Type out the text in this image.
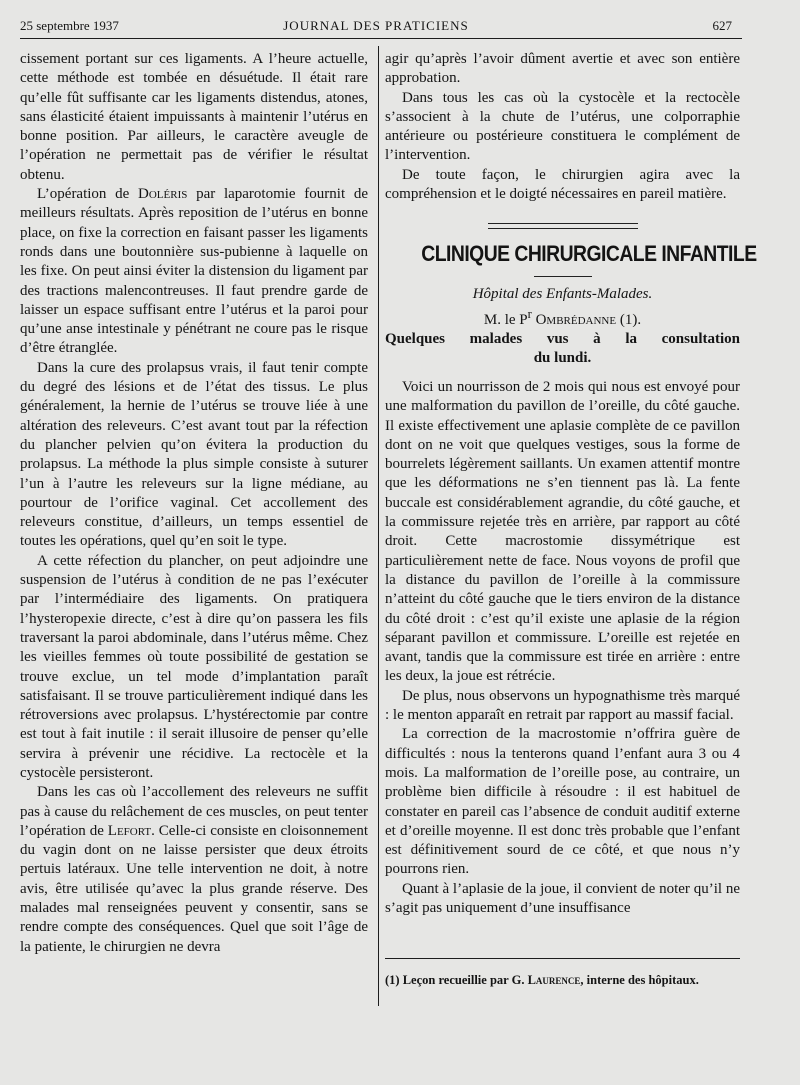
25 septembre 1937	JOURNAL DES PRATICIENS	627

cissement portant sur ces ligaments. A l’heure actuelle, cette méthode est tombée en désuétude. Il était rare qu’elle fût suffisante car les ligaments distendus, atones, sans élasticité étaient impuissants à maintenir l’utérus en bonne position. Par ailleurs, le caractère aveugle de l’opération ne permettait pas de vérifier le résultat obtenu.

L’opération de Doléris par laparotomie fournit de meilleurs résultats. Après reposition de l’utérus en bonne place, on fixe la correction en faisant passer les ligaments ronds dans une boutonnière sus-pubienne à laquelle on les fixe. On peut ainsi éviter la distension du ligament par des tractions malencontreuses. Il faut prendre garde de laisser un espace suffisant entre l’utérus et la paroi pour qu’une anse intestinale y pénétrant ne coure pas le risque d’être étranglée.

Dans la cure des prolapsus vrais, il faut tenir compte du degré des lésions et de l’état des tissus. Le plus généralement, la hernie de l’utérus se trouve liée à une altération des releveurs. C’est avant tout par la réfection du plancher pelvien qu’on évitera la production du prolapsus. La méthode la plus simple consiste à suturer l’un à l’autre les releveurs sur la ligne médiane, au pourtour de l’orifice vaginal. Cet accollement des releveurs constitue, d’ailleurs, un temps essentiel de toutes les opérations, quel qu’en soit le type.

A cette réfection du plancher, on peut adjoindre une suspension de l’utérus à condition de ne pas l’exécuter par l’intermédiaire des ligaments. On pratiquera l’hysteropexie directe, c’est à dire qu’on passera les fils traversant la paroi abdominale, dans l’utérus même. Chez les vieilles femmes où toute possibilité de gestation se trouve exclue, un tel mode d’implantation paraît satisfaisant. Il se trouve particulièrement indiqué dans les rétroversions avec prolapsus. L’hystérectomie par contre est tout à fait inutile : il serait illusoire de penser qu’elle servira à prévenir une récidive. La rectocèle et la cystocèle persisteront.

Dans les cas où l’accollement des releveurs ne suffit pas à cause du relâchement de ces muscles, on peut tenter l’opération de Lefort. Celle-ci consiste en cloisonnement du vagin dont on ne laisse persister que deux étroits pertuis latéraux. Une telle intervention ne doit, à notre avis, être utilisée qu’avec la plus grande réserve. Des malades mal renseignées peuvent y consentir, sans se rendre compte des conséquences. Quel que soit l’âge de la patiente, le chirurgien ne devra

agir qu’après l’avoir dûment avertie et avec son entière approbation.

Dans tous les cas où la cystocèle et la rectocèle s’associent à la chute de l’utérus, une colporraphie antérieure ou postérieure constituera le complément de l’intervention.

De toute façon, le chirurgien agira avec la compréhension et le doigté nécessaires en pareil matière.

CLINIQUE CHIRURGICALE INFANTILE

Hôpital des Enfants-Malades.

M. le $P^r$ Ombrédanne (1).

Quelques malades vus à la consultation
du lundi.

Voici un nourrisson de 2 mois qui nous est envoyé pour une malformation du pavillon de l’oreille, du côté gauche. Il existe effectivement une aplasie complète de ce pavillon dont on ne voit que quelques vestiges, sous la forme de bourrelets légèrement saillants. Un examen attentif montre que les déformations ne s’en tiennent pas là. La fente buccale est considérablement agrandie, du côté gauche, et la commissure rejetée très en arrière, par rapport au côté droit. Cette macrostomie dissymétrique est particulièrement nette de face. Nous voyons de profil que la distance du pavillon de l’oreille à la commissure n’atteint du côté gauche que le tiers environ de la distance du côté droit : c’est qu’il existe une aplasie de la région séparant pavillon et commissure. L’oreille est rejetée en avant, tandis que la commissure est tirée en arrière : entre les deux, la joue est rétrécie.

De plus, nous observons un hypognathisme très marqué : le menton apparaît en retrait par rapport au massif facial.

La correction de la macrostomie n’offrira guère de difficultés : nous la tenterons quand l’enfant aura 3 ou 4 mois. La malformation de l’oreille pose, au contraire, un problème bien difficile à résoudre : il est habituel de constater en pareil cas l’absence de conduit auditif externe et d’oreille moyenne. Il est donc très probable que l’enfant est définitivement sourd de ce côté, et que nous n’y pourrons rien.

Quant à l’aplasie de la joue, il convient de noter qu’il ne s’agit pas uniquement d’une insuffisance

(1) Leçon recueillie par G. Laurence, interne des hôpitaux.
